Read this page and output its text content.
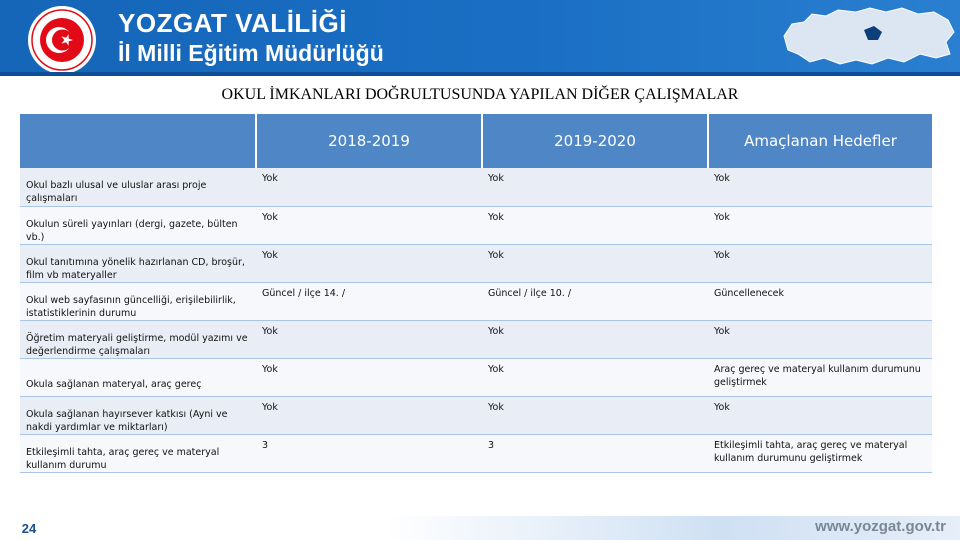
YOZGAT VALİLİĞİ
İl Milli Eğitim Müdürlüğü
OKUL İMKANLARI DOĞRULTUSUNDA YAPILAN DİĞER ÇALIŞMALAR
	2018-2019	2019-2020	Amaçlanan Hedefler
Okul bazlı ulusal ve uluslar arası proje çalışmaları	Yok	Yok	Yok
Okulun süreli yayınları (dergi, gazete, bülten vb.)	Yok	Yok	Yok
Okul tanıtımına yönelik hazırlanan CD, broşür, film vb materyaller	Yok	Yok	Yok
Okul web sayfasının güncelliği, erişilebilirlik, istatistiklerinin durumu	Güncel / ilçe 14. /	Güncel / ilçe 10. /	Güncellenecek
Öğretim materyali geliştirme, modül yazımı ve değerlendirme çalışmaları	Yok	Yok	Yok
Okula sağlanan materyal, araç gereç	Yok	Yok	Araç gereç ve materyal kullanım durumunu geliştirmek
Okula sağlanan hayırsever katkısı (Ayni ve nakdi yardımlar ve miktarları)	Yok	Yok	Yok
Etkileşimli tahta, araç gereç ve materyal kullanım durumu	3	3	Etkileşimli tahta, araç gereç ve materyal kullanım durumunu geliştirmek
24	www.yozgat.gov.tr
